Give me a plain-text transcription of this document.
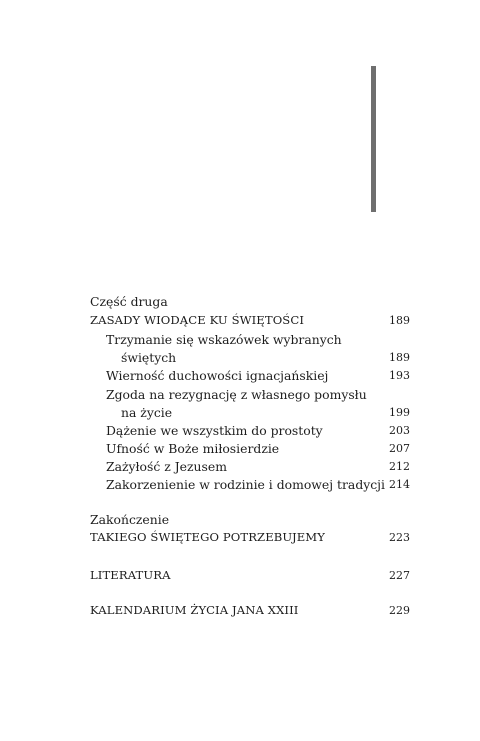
Część druga
ZASADY WIODĄCE KU ŚWIĘTOŚCI	189
Trzymanie się wskazówek wybranych
świętych	189
Wierność duchowości ignacjańskiej	193
Zgoda na rezygnację z własnego pomysłu
na życie	199
Dążenie we wszystkim do prostoty	203
Ufność w Boże miłosierdzie	207
Zażyłość z Jezusem	212
Zakorzenienie w rodzinie i domowej tradycji 214
Zakończenie
TAKIEGO ŚWIĘTEGO POTRZEBUJEMY	223
LITERATURA	227
KALENDARIUM ŻYCIA JANA XXIII	229
